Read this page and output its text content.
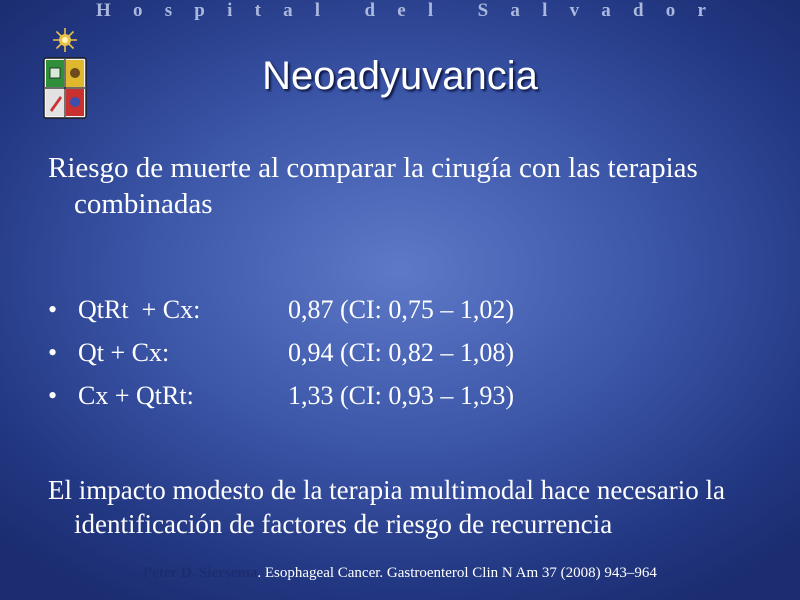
H o s p i t a l d e l S a l v a d o r
Neoadyuvancia
Riesgo de muerte al comparar la cirugía con las terapias combinadas
• QtRt  + Cx:	0,87 (CI: 0,75 – 1,02)
• Qt + Cx:	0,94 (CI: 0,82 – 1,08)
• Cx + QtRt:	1,33 (CI: 0,93 – 1,93)
El impacto modesto de la terapia multimodal hace necesario la identificación de factores de riesgo de recurrencia
Peter D. Siersema. Esophageal Cancer. Gastroenterol Clin N Am 37 (2008) 943–964
